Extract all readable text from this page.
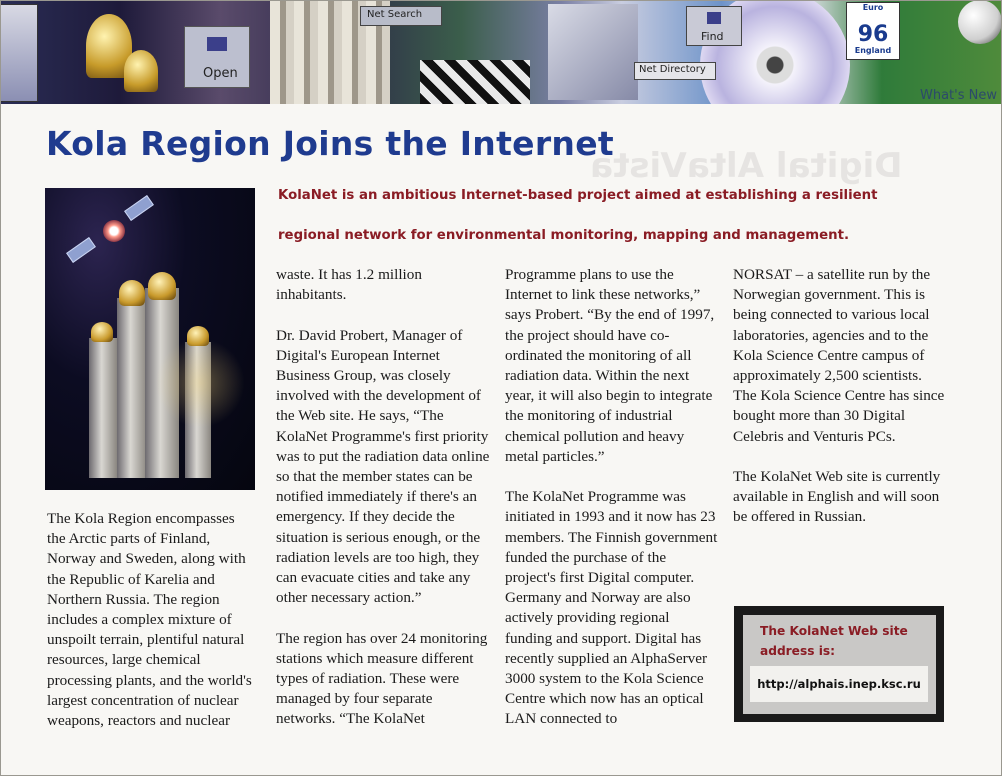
Open
Net Search
Net Directory
Find
Euro
96
England
What's New
Digital AltaVista
Kola Region Joins the Internet
KolaNet is an ambitious Internet-based project aimed at establishing a resilient regional network for environmental monitoring, mapping and management.

The Kola Region encompasses the Arctic parts of Finland, Norway and Sweden, along with the Republic of Karelia and Northern Russia. The region includes a complex mixture of unspoilt terrain, plentiful natural resources, large chemical processing plants, and the world's largest concentration of nuclear weapons, reactors and nuclear

waste. It has 1.2 million inhabitants.

Dr. David Probert, Manager of Digital's European Internet Business Group, was closely involved with the development of the Web site. He says, “The KolaNet Programme's first priority was to put the radiation data online so that the member states can be notified immediately if there's an emergency. If they decide the situation is serious enough, or the radiation levels are too high, they can evacuate cities and take any other necessary action.”

The region has over 24 monitoring stations which measure different types of radiation. These were managed by four separate networks. “The KolaNet

Programme plans to use the Internet to link these networks,” says Probert. “By the end of 1997, the project should have co-ordinated the monitoring of all radiation data. Within the next year, it will also begin to integrate the monitoring of industrial chemical pollution and heavy metal particles.”

The KolaNet Programme was initiated in 1993 and it now has 23 members. The Finnish government funded the purchase of the project's first Digital computer. Germany and Norway are also actively providing regional funding and support. Digital has recently supplied an AlphaServer 3000 system to the Kola Science Centre which now has an optical LAN connected to

NORSAT – a satellite run by the Norwegian government. This is being connected to various local laboratories, agencies and to the Kola Science Centre campus of approximately 2,500 scientists. The Kola Science Centre has since bought more than 30 Digital Celebris and Venturis PCs.

The KolaNet Web site is currently available in English and will soon be offered in Russian.

The KolaNet Web site address is:
http://alphais.inep.ksc.ru
